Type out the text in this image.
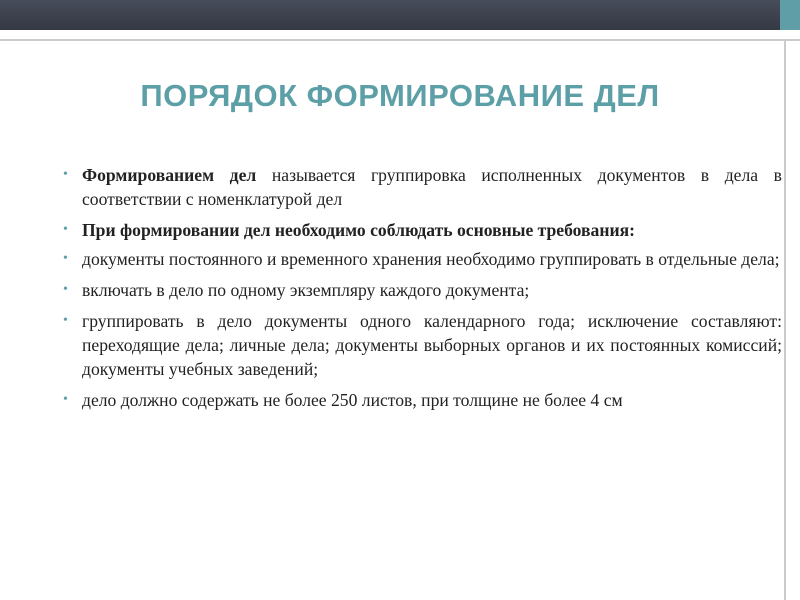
ПОРЯДОК ФОРМИРОВАНИЕ ДЕЛ
• Формированием дел называется группировка исполненных документов в дела в соответствии с номенклатурой дел
• При формировании дел необходимо соблюдать основные требования:
• документы постоянного и временного хранения необходимо группировать в отдельные дела;
• включать в дело по одному экземпляру каждого документа;
• группировать в дело документы одного календарного года; исключение составляют: переходящие дела; личные дела; документы выборных органов и их постоянных комиссий; документы учебных заведений;
• дело должно содержать не более 250 листов, при толщине не более 4 см
